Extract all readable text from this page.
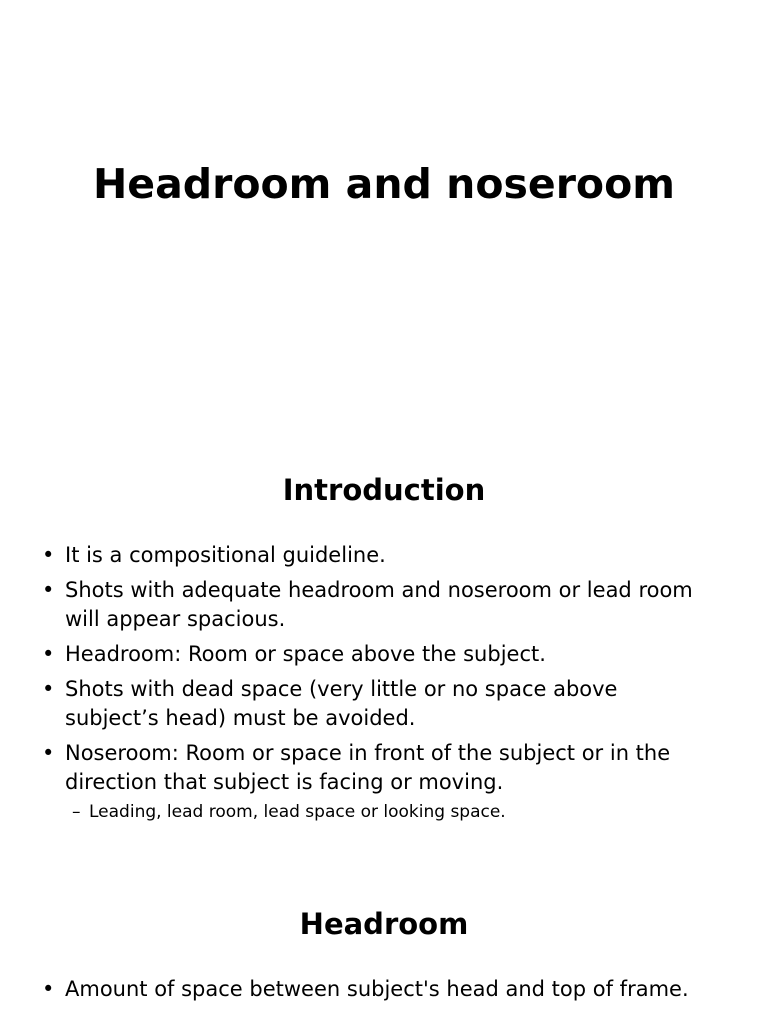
Headroom and noseroom
Introduction
• It is a compositional guideline.
• Shots with adequate headroom and noseroom or lead room will appear spacious.
• Headroom: Room or space above the subject.
• Shots with dead space (very little or no space above subject’s head) must be avoided.
• Noseroom: Room or space in front of the subject or in the direction that subject is facing or moving.
– Leading, lead room, lead space or looking space.
Headroom
• Amount of space between subject's head and top of frame.
